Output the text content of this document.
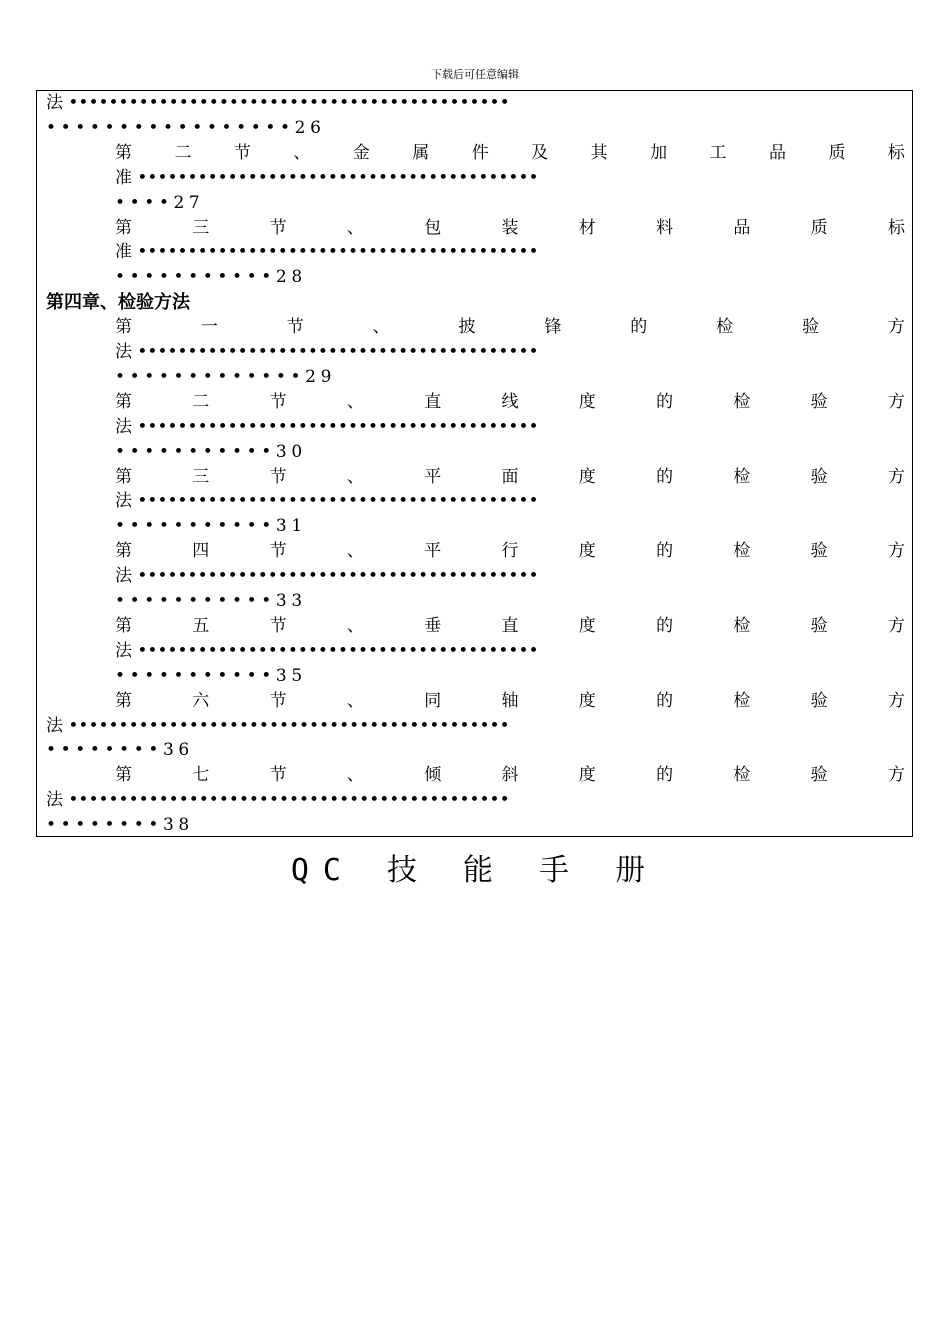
下载后可任意编辑
法 ••••••••••••••••••••••••••••••••••••••••••••
•••••••••••••••••26
第 二 节 、 金 属 件 及 其 加 工 品 质 标
准 ••••••••••••••••••••••••••••••••••••••••
••••27
第	三	节	、	包	装	材	料	品	质	标
准 ••••••••••••••••••••••••••••••••••••••••
•••••••••••28
第四章、检验方法
第	一	节	、	披	锋	的	检	验	方
法 ••••••••••••••••••••••••••••••••••••••••
•••••••••••••29
第	二	节	、	直	线	度	的	检	验	方
法 ••••••••••••••••••••••••••••••••••••••••
•••••••••••30
第	三	节	、	平	面	度	的	检	验	方
法 ••••••••••••••••••••••••••••••••••••••••
•••••••••••31
第	四	节	、	平	行	度	的	检	验	方
法 ••••••••••••••••••••••••••••••••••••••••
•••••••••••33
第	五	节	、	垂	直	度	的	检	验	方
法 ••••••••••••••••••••••••••••••••••••••••
•••••••••••35
第	六	节	、	同	轴	度	的	检	验	方
法 ••••••••••••••••••••••••••••••••••••••••••••
••••••••36
第	七	节	、	倾	斜	度	的	检	验	方
法 ••••••••••••••••••••••••••••••••••••••••••••
••••••••38
QC 技 能 手 册
